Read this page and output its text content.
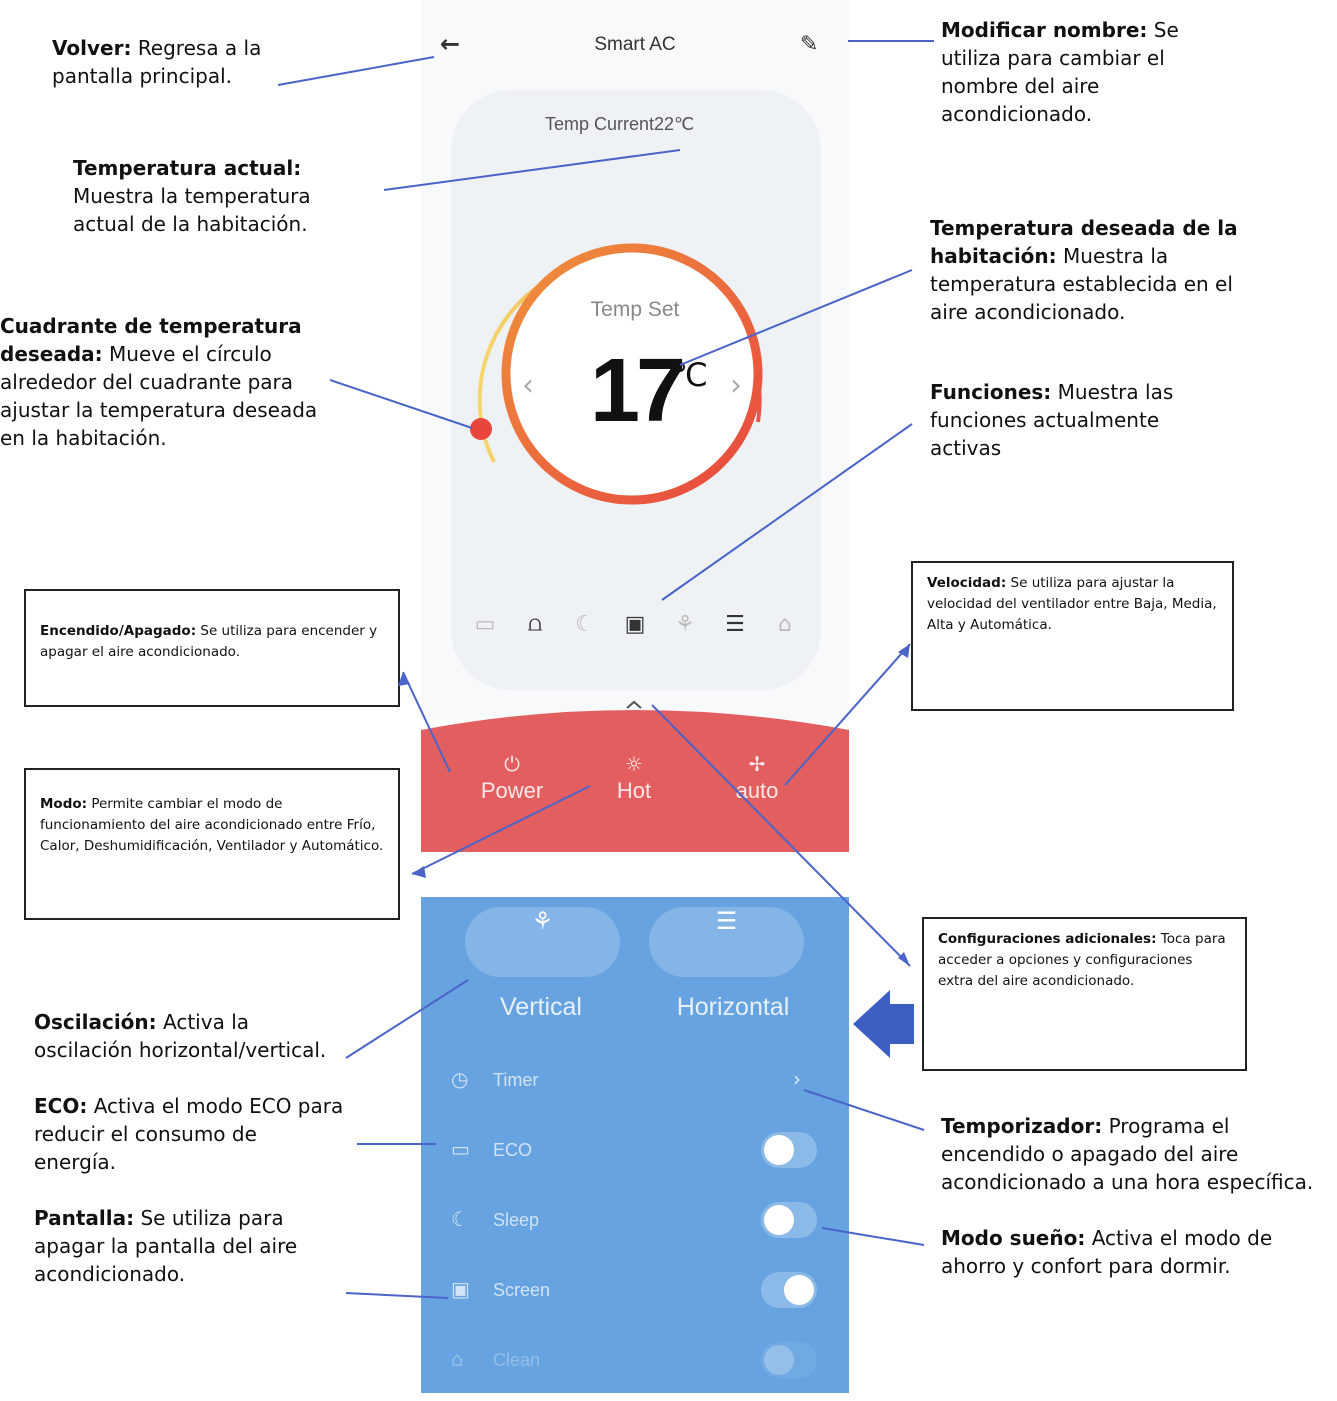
←	Smart AC	✎
Temp Current22℃
Temp Set
‹ 17
℃ ›
▭	⩍	☾ ▣ ⚘ ☰	⌂
⏻
Power
☼
Hot
✢
auto
⚘	☰
Vertical	Horizontal
◷ Timer	›
▭ ECO
☾ Sleep
▣ Screen
⌂ Clean
Volver: Regresa a la pantalla principal.
Temperatura actual: Muestra la temperatura actual de la habitación.
Cuadrante de temperatura deseada: Mueve el círculo alrededor del cuadrante para ajustar la temperatura deseada en la habitación.
Modificar nombre: Se utiliza para cambiar el nombre del aire acondicionado.
Temperatura deseada de la habitación: Muestra la temperatura establecida en el aire acondicionado.
Funciones: Muestra las funciones actualmente activas
Encendido/Apagado: Se utiliza para encender y apagar el aire acondicionado.
Velocidad: Se utiliza para ajustar la velocidad del ventilador entre Baja, Media, Alta y Automática.
Modo: Permite cambiar el modo de funcionamiento del aire acondicionado entre Frío, Calor, Deshumidificación, Ventilador y Automático.
Configuraciones adicionales: Toca para acceder a opciones y configuraciones extra del aire acondicionado.
Oscilación: Activa la oscilación horizontal/vertical.
ECO: Activa el modo ECO para reducir el consumo de energía.
Pantalla: Se utiliza para apagar la pantalla del aire acondicionado.
Temporizador: Programa el encendido o apagado del aire acondicionado a una hora específica.
Modo sueño: Activa el modo de ahorro y confort para dormir.
